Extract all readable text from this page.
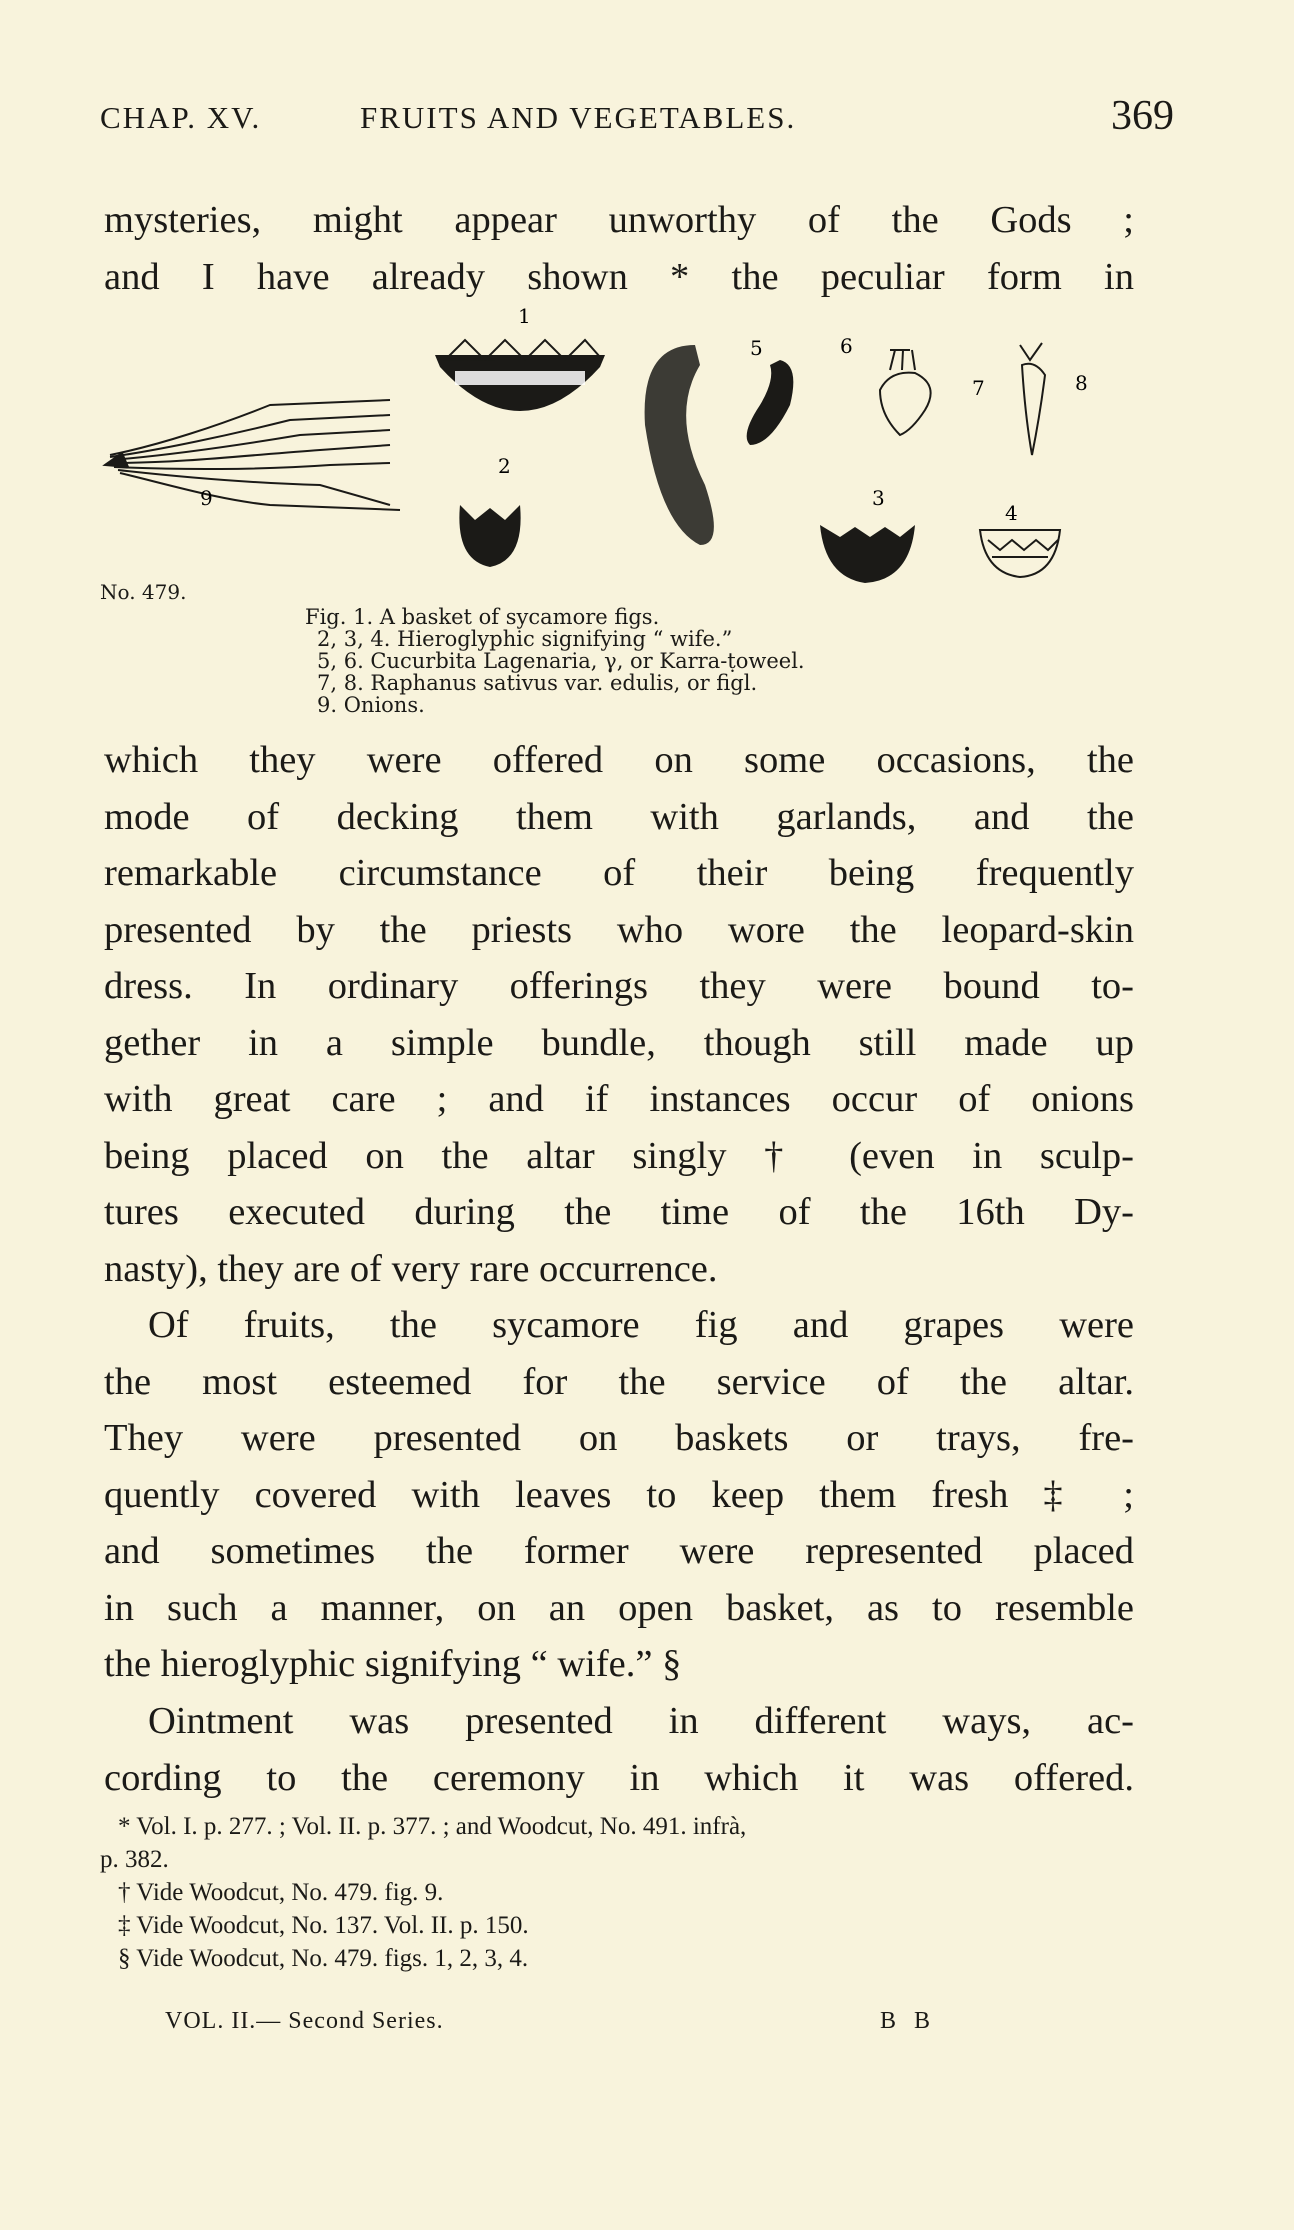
CHAP. XV.	FRUITS AND VEGETABLES.	369
mysteries, might appear unworthy of the Gods ;
and I have already shown * the peculiar form in
1
2
3
4
5	6
7	8
9
No. 479.
Fig. 1. A basket of sycamore figs.
2, 3, 4. Hieroglyphic signifying “ wife.”
5, 6. Cucurbita Lagenaria, γ, or Karra-ṭoweel.
7, 8. Raphanus sativus var. edulis, or figl.
9. Onions.
which they were offered on some occasions, the
mode of decking them with garlands, and the
remarkable circumstance of their being frequently
presented by the priests who wore the leopard-skin
dress. In ordinary offerings they were bound to-
gether in a simple bundle, though still made up
with great care ; and if instances occur of onions
being placed on the altar singly † (even in sculp-
tures executed during the time of the 16th Dy-
nasty), they are of very rare occurrence.
Of fruits, the sycamore fig and grapes were
the most esteemed for the service of the altar.
They were presented on baskets or trays, fre-
quently covered with leaves to keep them fresh ‡ ;
and sometimes the former were represented placed
in such a manner, on an open basket, as to resemble
the hieroglyphic signifying “ wife.” §
Ointment was presented in different ways, ac-
cording to the ceremony in which it was offered.
* Vol. I. p. 277. ; Vol. II. p. 377. ; and Woodcut, No. 491. infrà,
p. 382.
† Vide Woodcut, No. 479. fig. 9.
‡ Vide Woodcut, No. 137. Vol. II. p. 150.
§ Vide Woodcut, No. 479. figs. 1, 2, 3, 4.
VOL. II.— Second Series.	B B
